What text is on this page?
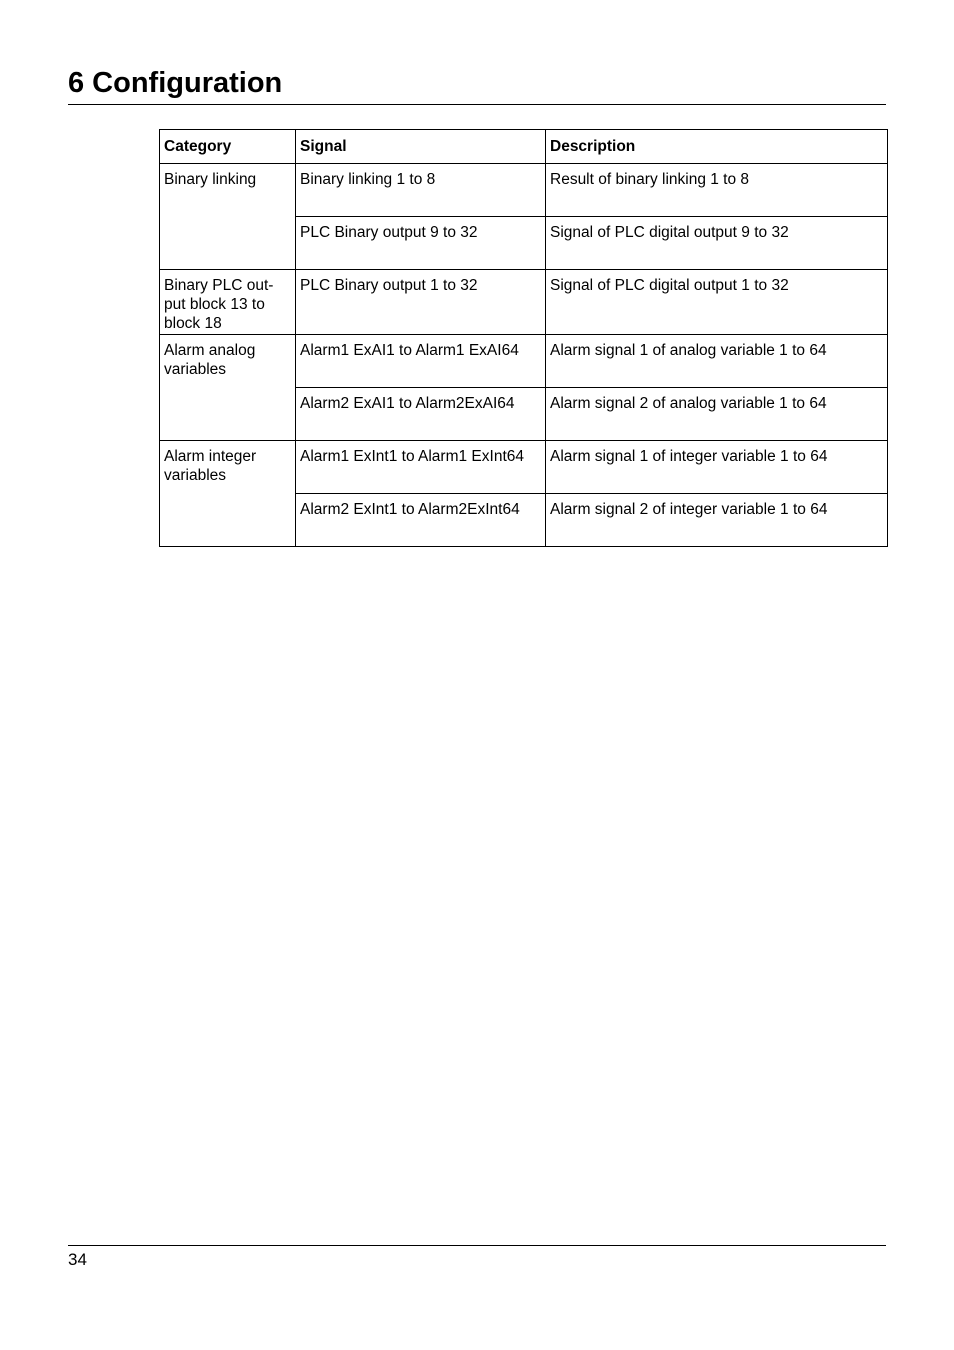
6 Configuration
Category	Signal	Description
Binary linking	Binary linking 1 to 8	Result of binary linking 1 to 8
	PLC Binary output 9 to 32	Signal of PLC digital output 9 to 32
Binary PLC out-
put block 13 to
block 18	PLC Binary output 1 to 32	Signal of PLC digital output 1 to 32
Alarm analog
variables	Alarm1 ExAI1 to Alarm1 ExAI64	Alarm signal 1 of analog variable 1 to 64
	Alarm2 ExAI1 to Alarm2ExAI64	Alarm signal 2 of analog variable 1 to 64
Alarm integer
variables	Alarm1 ExInt1 to Alarm1 ExInt64	Alarm signal 1 of integer variable 1 to 64
	Alarm2 ExInt1 to Alarm2ExInt64	Alarm signal 2 of integer variable 1 to 64
34
